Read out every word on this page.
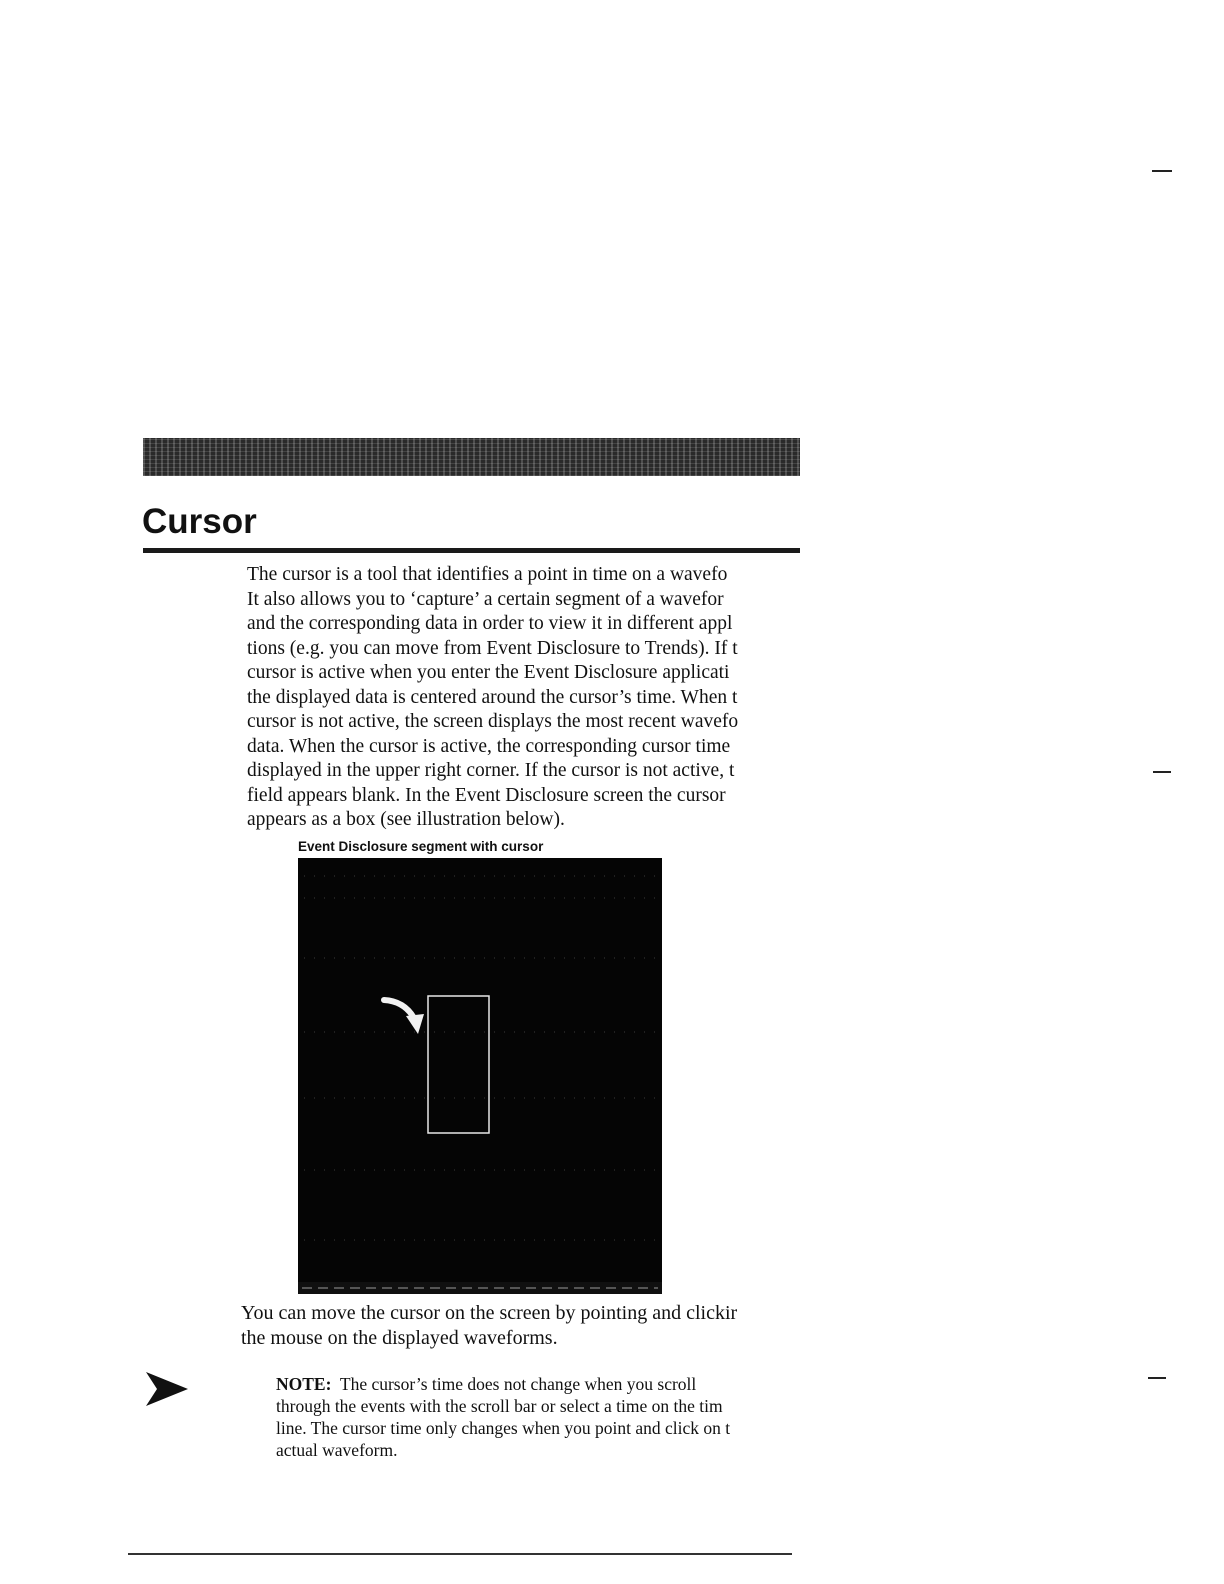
Cursor
The cursor is a tool that identifies a point in time on a wavefo
It also allows you to ‘capture’ a certain segment of a wavefor
and the corresponding data in order to view it in different appl
tions (e.g. you can move from Event Disclosure to Trends). If t
cursor is active when you enter the Event Disclosure applicati
the displayed data is centered around the cursor’s time. When t
cursor is not active, the screen displays the most recent wavefo
data. When the cursor is active, the corresponding cursor time
displayed in the upper right corner. If the cursor is not active, t
field appears blank. In the Event Disclosure screen the cursor
appears as a box (see illustration below).
Event Disclosure segment with cursor
You can move the cursor on the screen by pointing and clickir
the mouse on the displayed waveforms.
NOTE: The cursor’s time does not change when you scroll
through the events with the scroll bar or select a time on the tim
line. The cursor time only changes when you point and click on t
actual waveform.
